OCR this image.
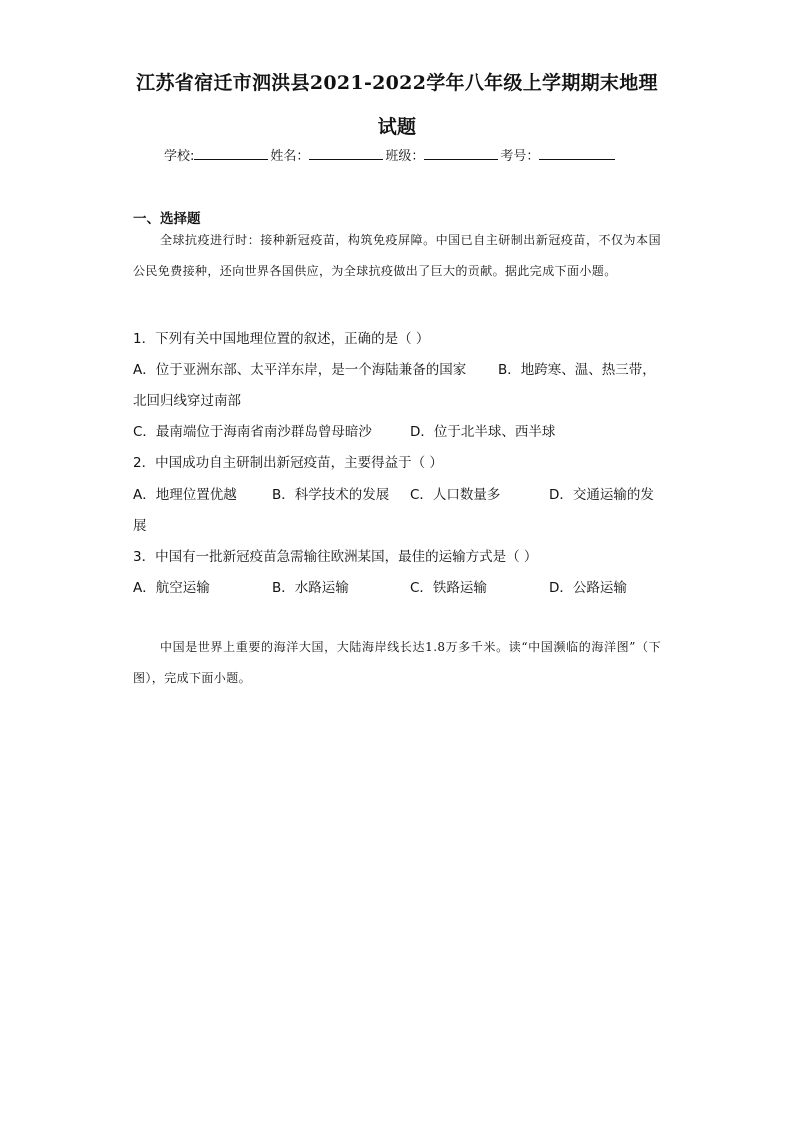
江苏省宿迁市泗洪县2021-2022学年八年级上学期期末地理
试题
学校:	姓名：	班级：	考号：
一、选择题
全球抗疫进行时：接种新冠疫苗，构筑免疫屏障。中国已自主研制出新冠疫苗，不仅为本国公民免费接种，还向世界各国供应，为全球抗疫做出了巨大的贡献。据此完成下面小题。
1．下列有关中国地理位置的叙述，正确的是（ ）
A．位于亚洲东部、太平洋东岸，是一个海陆兼备的国家 B．地跨寒、温、热三带，
北回归线穿过南部
C．最南端位于海南省南沙群岛曾母暗沙	D．位于北半球、西半球
2．中国成功自主研制出新冠疫苗，主要得益于（ ）
A．地理位置优越	B．科学技术的发展 C．人口数量多	D．交通运输的发
展
3．中国有一批新冠疫苗急需输往欧洲某国，最佳的运输方式是（ ）
A．航空运输	B．水路运输	C．铁路运输	D．公路运输
中国是世界上重要的海洋大国，大陆海岸线长达1.8万多千米。读“中国濒临的海洋图”（下图），完成下面小题。
